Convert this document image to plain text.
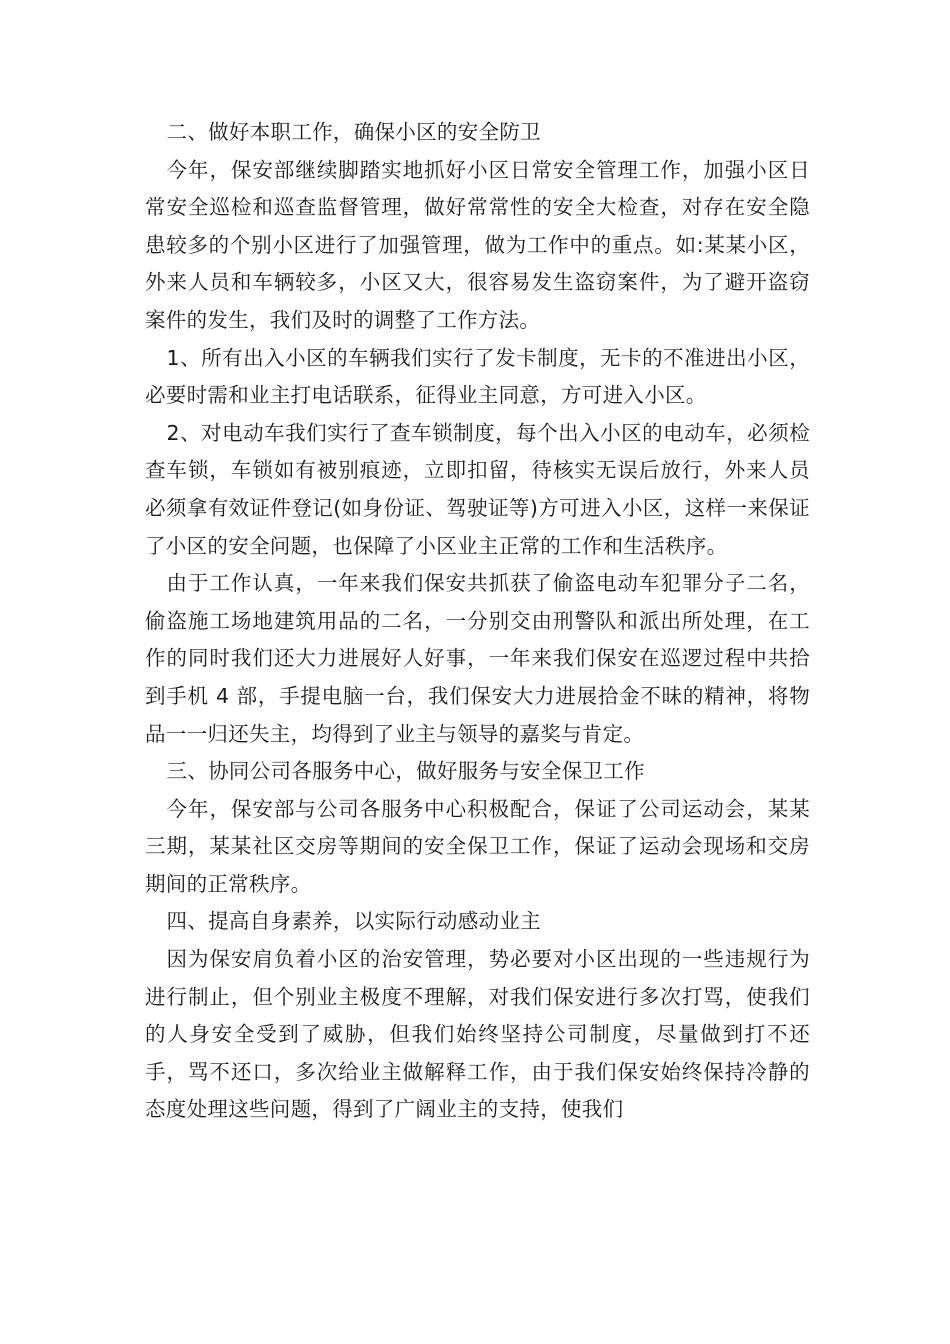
二、做好本职工作，确保小区的安全防卫

今年，保安部继续脚踏实地抓好小区日常安全管理工作，加强小区日常安全巡检和巡查监督管理，做好常常性的安全大检查，对存在安全隐患较多的个别小区进行了加强管理，做为工作中的重点。如:某某小区，外来人员和车辆较多，小区又大，很容易发生盗窃案件，为了避开盗窃案件的发生，我们及时的调整了工作方法。

1、所有出入小区的车辆我们实行了发卡制度，无卡的不准进出小区，必要时需和业主打电话联系，征得业主同意，方可进入小区。

2、对电动车我们实行了查车锁制度，每个出入小区的电动车，必须检查车锁，车锁如有被别痕迹，立即扣留，待核实无误后放行，外来人员必须拿有效证件登记(如身份证、驾驶证等)方可进入小区，这样一来保证了小区的安全问题，也保障了小区业主正常的工作和生活秩序。

由于工作认真，一年来我们保安共抓获了偷盗电动车犯罪分子二名，偷盗施工场地建筑用品的二名，一分别交由刑警队和派出所处理，在工作的同时我们还大力进展好人好事，一年来我们保安在巡逻过程中共拾到手机 4 部，手提电脑一台，我们保安大力进展拾金不昧的精神，将物品一一归还失主，均得到了业主与领导的嘉奖与肯定。

三、协同公司各服务中心，做好服务与安全保卫工作

今年，保安部与公司各服务中心积极配合，保证了公司运动会，某某三期，某某社区交房等期间的安全保卫工作，保证了运动会现场和交房期间的正常秩序。

四、提高自身素养，以实际行动感动业主

因为保安肩负着小区的治安管理，势必要对小区出现的一些违规行为进行制止，但个别业主极度不理解，对我们保安进行多次打骂，使我们的人身安全受到了威胁，但我们始终坚持公司制度，尽量做到打不还手，骂不还口，多次给业主做解释工作，由于我们保安始终保持冷静的态度处理这些问题，得到了广阔业主的支持，使我们
